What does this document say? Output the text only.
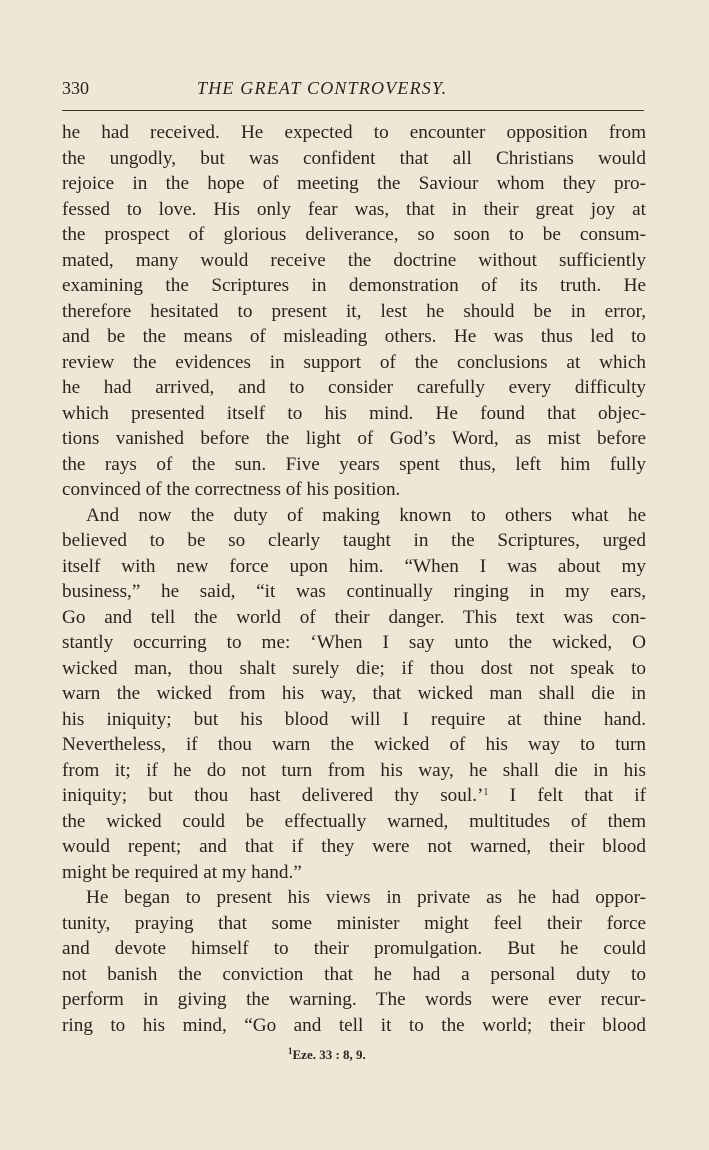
330	THE GREAT CONTROVERSY.
he had received. He expected to encounter opposition from
the ungodly, but was confident that all Christians would
rejoice in the hope of meeting the Saviour whom they pro-
fessed to love. His only fear was, that in their great joy at
the prospect of glorious deliverance, so soon to be consum-
mated, many would receive the doctrine without sufficiently
examining the Scriptures in demonstration of its truth. He
therefore hesitated to present it, lest he should be in error,
and be the means of misleading others. He was thus led to
review the evidences in support of the conclusions at which
he had arrived, and to consider carefully every difficulty
which presented itself to his mind. He found that objec-
tions vanished before the light of God’s Word, as mist before
the rays of the sun. Five years spent thus, left him fully
convinced of the correctness of his position.
And now the duty of making known to others what he
believed to be so clearly taught in the Scriptures, urged
itself with new force upon him. “When I was about my
business,” he said, “it was continually ringing in my ears,
Go and tell the world of their danger. This text was con-
stantly occurring to me: ‘When I say unto the wicked, O
wicked man, thou shalt surely die; if thou dost not speak to
warn the wicked from his way, that wicked man shall die in
his iniquity; but his blood will I require at thine hand.
Nevertheless, if thou warn the wicked of his way to turn
from it; if he do not turn from his way, he shall die in his
iniquity; but thou hast delivered thy soul.’$^1$ I felt that if
the wicked could be effectually warned, multitudes of them
would repent; and that if they were not warned, their blood
might be required at my hand.”
He began to present his views in private as he had oppor-
tunity, praying that some minister might feel their force
and devote himself to their promulgation. But he could
not banish the conviction that he had a personal duty to
perform in giving the warning. The words were ever recur-
ring to his mind, “Go and tell it to the world; their blood
$^1$Eze. 33 : 8, 9.
